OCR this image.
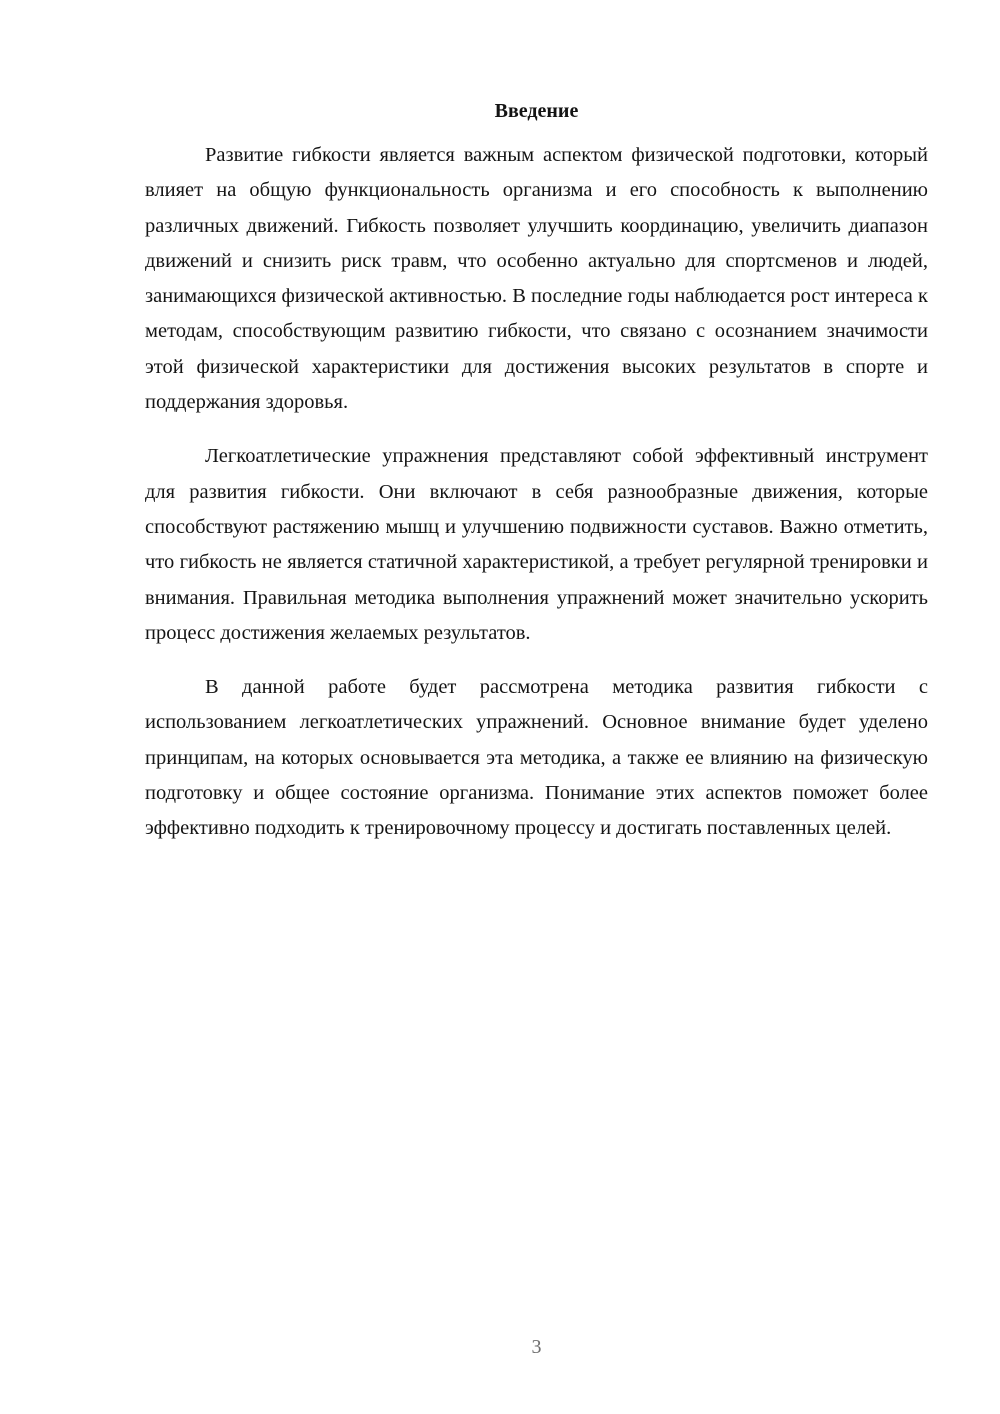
Введение

Развитие гибкости является важным аспектом физической подготовки, который влияет на общую функциональность организма и его способность к выполнению различных движений. Гибкость позволяет улучшить координацию, увеличить диапазон движений и снизить риск травм, что особенно актуально для спортсменов и людей, занимающихся физической активностью. В последние годы наблюдается рост интереса к методам, способствующим развитию гибкости, что связано с осознанием значимости этой физической характеристики для достижения высоких результатов в спорте и поддержания здоровья.

Легкоатлетические упражнения представляют собой эффективный инструмент для развития гибкости. Они включают в себя разнообразные движения, которые способствуют растяжению мышц и улучшению подвижности суставов. Важно отметить, что гибкость не является статичной характеристикой, а требует регулярной тренировки и внимания. Правильная методика выполнения упражнений может значительно ускорить процесс достижения желаемых результатов.

В данной работе будет рассмотрена методика развития гибкости с использованием легкоатлетических упражнений. Основное внимание будет уделено принципам, на которых основывается эта методика, а также ее влиянию на физическую подготовку и общее состояние организма. Понимание этих аспектов поможет более эффективно подходить к тренировочному процессу и достигать поставленных целей.

3
